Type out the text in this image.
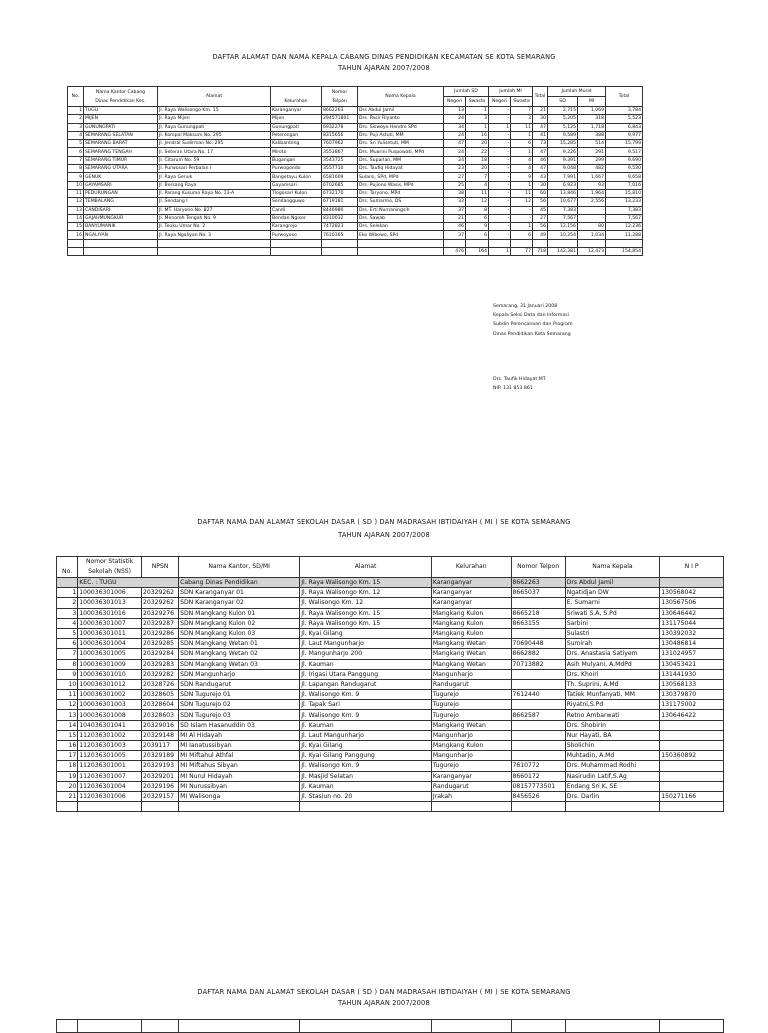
DAFTAR ALAMAT DAN NAMA KEPALA CABANG DINAS PENDIDIKAN KECAMATAN SE KOTA SEMARANG
TAHUN AJARAN 2007/2008
No.	Nama Kantor Cabang
Dinas Pendidikan Kec.	Alamat	Kelurahan	Nomor
Telpon	Nama Kepala	Jumlah SD		Jumlah MI		Total	Jumlah Murid		Total
						Negeri	Swasta	Negeri	Swasta		SD	MI	
1	TUGU	Jl. Raya Walisongo Km. 15	Karanganyar	8662263	Drs Abdul Jamil	13	1	-	7	21	2,715	1,069	3,784
2	MIJEN	Jl. Raya Mijen	Mijen	294571801	Drs. Pasir Riyanto	24	3	-	3	30	5,205	318	5,523
3	GUNUNGPATI	Jl. Raya Gunungpati	Gunungpati	6932278	Drs. Siswoyo Hendro SPd	34	1	1	11	47	5,125	1,718	6,843
4	SEMARANG SELATAN	Jl. Kompol Maksum No. 295	Peterongan	8315656	Drs. Puji Astuti, MM	24	16	-	1	41	9,589	388	9,977
5	SEMARANG BARAT	Jl. Jendral Sudirman No. 295	Kalibanteng	7607962	Drs. Sri Yulisetuti, MM	47	20	-	6	73	15,285	514	15,799
6	SEMARANG TENGAH	Jl. Seteran Utara No. 17	Miroto	3553867	Drs. Muarini Puspowati, MPd	24	22	-	1	47	9,226	291	9,517
7	SEMARANG TIMUR	Jl. Citarum No. 59	Bugangan	3543725	Drs. Suparlan, MM	24	18	-	4	46	9,391	299	9,690
8	SEMARANG UTARA	Jl. Purwosari Perbalan I	Purwogondo	3557710	Drs. Taufiq Hidayat	23	20	-	4	47	9,048	482	9,530
9	GENUK	Jl. Raya Genuk	Bangetayu Kulon	6581609	Sularsi, SPd, MPd	27	7	-	9	43	7,991	1,667	9,658
10	GAYAMSARI	Jl. Bersang Raya	Gayamsari	6702685	Drs. Pujiono Wasis, MPd	25	4	-	1	30	6,923	93	7,016
11	PEDURUNGAN	Jl. Parang Kusumo Raya No. 13-A	Tlogosari Kulon	6732170	Drs. Taryono, MPd	38	11	-	11	60	13,846	1,964	15,810
12	TEMBALANG	Jl. Sendang I	Sendangguwo	6719181	Drs. Sumarmo, DS	32	12	-	12	56	10,677	2,556	13,233
13	CANDISARI	Jl. MT. Haryono No. 827	Candi	8446980	Drs. Erti Nurnaningsih	37	8	-	-	45	7,383	-	7,383
14	GAJAHMUNGKUR	Jl. Menoreh Tengah No. 9	Bendan Ngisor	8310032	Drs. Sawab	21	6	-	-	27	7,567	-	7,567
15	BANYUMANIK	Jl. Teuku Umar No. 2	Karangrejo	7472823	Drs. Selekan	46	9	-	1	56	12,156	80	12,236
16	NGALIYAN	Jl. Raya Ngaliyan No. 3	Purwoyoso	7610365	Eko Wibowo, SPd	37	6	-	6	49	10,254	1,034	11,288

						476	164	1	77	718	142,381	12,473	154,854
Semarang, 31 Januari 2008
Kepala Seksi Data dan Informasi
Subdin Perencanaan dan Program
Dinas Pendidikan Kota Semarang
Drs. Taufik Hidayat MT.
NIP. 131 853 861
DAFTAR NAMA DAN ALAMAT SEKOLAH DASAR ( SD ) DAN MADRASAH IBTIDAIYAH ( MI ) SE KOTA SEMARANG
TAHUN AJARAN 2007/2008
No.	Nomor Statistik
Sekolah (NSS)	NPSN	Nama Kantor, SD/MI	Alamat	Kelurahan	Nomor Telpon	Nama Kepala	N I P
	KEC. : TUGU		Cabang Dinas Pendidikan	Jl. Raya Walisongo Km. 15	Karanganyar	8662263	Drs Abdul Jamil	
1	100036301006	20329262	SDN Karanganyar 01	Jl. Raya Walisongo Km. 12	Karanganyar	8665037	Ngatidjan DW	130568042
2	100036301013	20329262	SDN Karanganyar 02	Jl. Walisongo Km. 12	Karanganyar		E. Sumarni	130567506
3	100036301016	20329276	SDN Mangkang Kulon 01	Jl. Raya Walisongo Km. 15	Mangkang Kulon	8665218	Sriwati S.A, S.Pd	130646442
4	100036301007	20329287	SDN Mangkang Kulon 02	Jl. Raya Walisongo Km. 15	Mangkang Kulon	8663155	Sarbini	131175044
5	100036301011	20329286	SDN Mangkang Kulon 03	Jl. Kyai Gilang	Mangkang Kulon		Sulastri	130392032
6	100036301004	20329285	SDN Mangkang Wetan 01	Jl. Laut Mangunharjo	Mangkang Wetan	70690448	Sumirah	130486814
7	100036301005	20329284	SDN Mangkang Wetan 02	Jl. Mangunharjo 200	Mangkang Wetan	8662882	Drs. Anastasia Satiyem	131024957
8	100036301009	20329283	SDN Mangkang Wetan 03	Jl. Kauman	Mangkang Wetan	70713882	Asih Mulyani, A.MdPd	130453421
9	100036301010	20329282	SDN Mangunharjo	Jl. Irigasi Utara Panggung	Mangunharjo		Drs. Khoiri	131441930
10	100036301012	20328726	SDN Randugarut	Jl. Lapangan Randugarut	Randugarut		Th. Suprini, A.Md	130568133
11	100036301002	20328605	SDN Tugurejo 01	Jl. Walisongo Km. 9	Tugurejo	7612440	Tatiek Munfanyati, MM	130379870
12	100036301003	20328604	SDN Tugurejo 02	Jl. Tapak Sari	Tugurejo		Riyatni,S.Pd	131175002
13	100036301008	20328603	SDN Tugurejo 03	Jl. Walisongo Km. 9	Tugurejo	8662587	Retno Ambarwati	130646422
14	104036301041	20329016	SD Islam Hasanuddin 03	Jl. Kauman	Mangkang Wetan		Drs. Shobirin	
15	112036301002	20329148	MI Al Hidayah	Jl. Laut Mangunharjo	Mangunharjo		Nur Hayati, BA	
16	112036301003	2039117	MI Ianatussibyan	Jl. Kyai Gilang	Mangkang Kulon		Sholichin	
17	112036301005	20329189	MI Miftahul Athfal	Jl. Kyai Gilang Panggung	Mangunharjo		Muhtadin, A.Md	150360892
18	112036301001	20329193	MI Miftahus Sibyan	Jl. Walisongo Km. 9	Tugurejo	7610772	Drs. Muhammad Rodhi	
19	112036301007	20329201	MI Nurul Hidayah	Jl. Masjid Selatan	Karanganyar	8660172	Nasirudin Latif,S.Ag	
20	112036301004	20329196	MI Nurussibyan	Jl. Kauman	Randugarut	08157773501	Endang Sri K, SE	
21	112036301006	20329157	MI Walisonga	Jl. Stasiun no. 20	Jrakah	8456526	Drs. Darlin	150271166

DAFTAR NAMA DAN ALAMAT SEKOLAH DASAR ( SD ) DAN MADRASAH IBTIDAIYAH ( MI ) SE KOTA SEMARANG
TAHUN AJARAN 2007/2008
